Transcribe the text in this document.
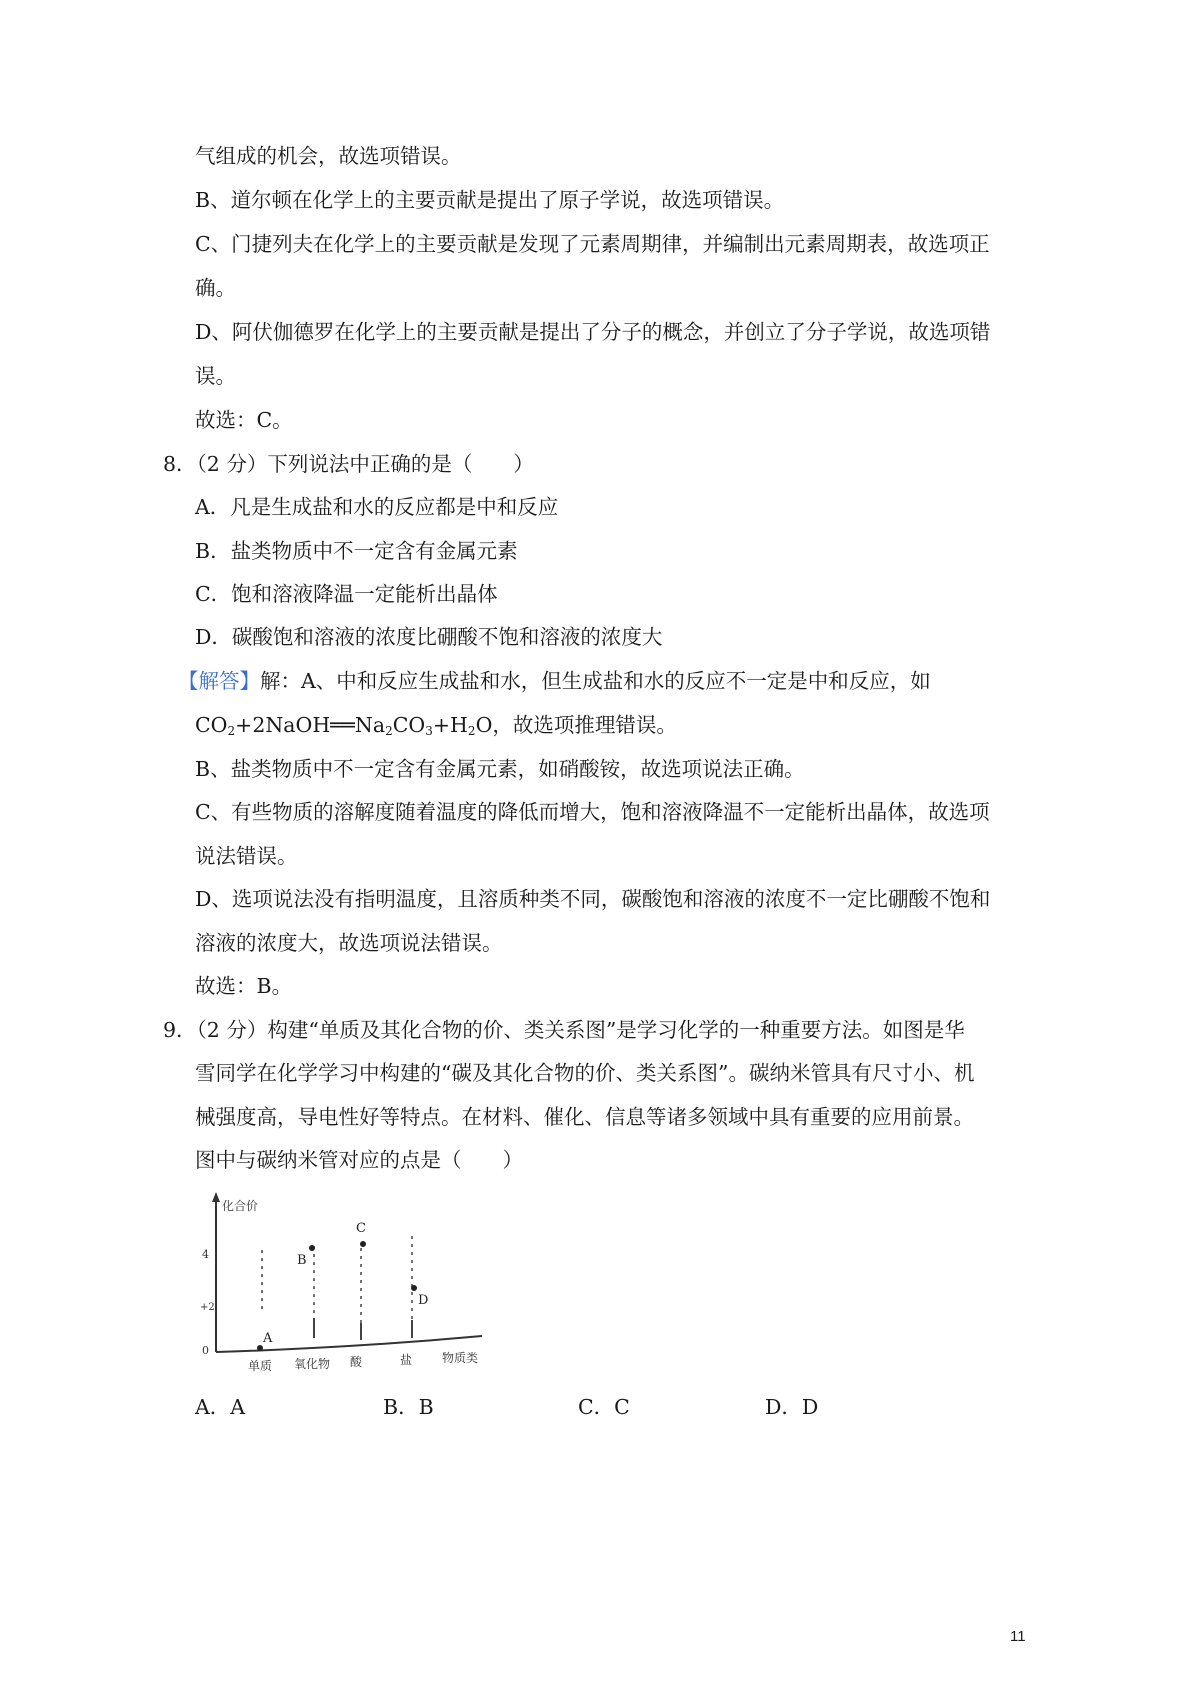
气组成的机会，故选项错误。
B、道尔顿在化学上的主要贡献是提出了原子学说，故选项错误。
C、门捷列夫在化学上的主要贡献是发现了元素周期律，并编制出元素周期表，故选项正
确。
D、阿伏伽德罗在化学上的主要贡献是提出了分子的概念，并创立了分子学说，故选项错
误。
故选：C。
8．（2 分）下列说法中正确的是（　　）
A．凡是生成盐和水的反应都是中和反应
B．盐类物质中不一定含有金属元素
C．饱和溶液降温一定能析出晶体
D．碳酸饱和溶液的浓度比硼酸不饱和溶液的浓度大
【解答】解：A、中和反应生成盐和水，但生成盐和水的反应不一定是中和反应，如
$CO_2+2NaOH══Na_2CO_3+H_2O$，故选项推理错误。
B、盐类物质中不一定含有金属元素，如硝酸铵，故选项说法正确。
C、有些物质的溶解度随着温度的降低而增大，饱和溶液降温不一定能析出晶体，故选项
说法错误。
D、选项说法没有指明温度，且溶质种类不同，碳酸饱和溶液的浓度不一定比硼酸不饱和
溶液的浓度大，故选项说法错误。
故选：B。
9．（2 分）构建“单质及其化合物的价、类关系图”是学习化学的一种重要方法。如图是华
雪同学在化学学习中构建的“碳及其化合物的价、类关系图”。碳纳米管具有尺寸小、机
械强度高，导电性好等特点。在材料、催化、信息等诸多领域中具有重要的应用前景。
图中与碳纳米管对应的点是（　　）
化合价
4
+2
0
A
B
C
D
单质 氧化物 酸	盐 物质类
A．A	B．B	C．C	D．D
11
